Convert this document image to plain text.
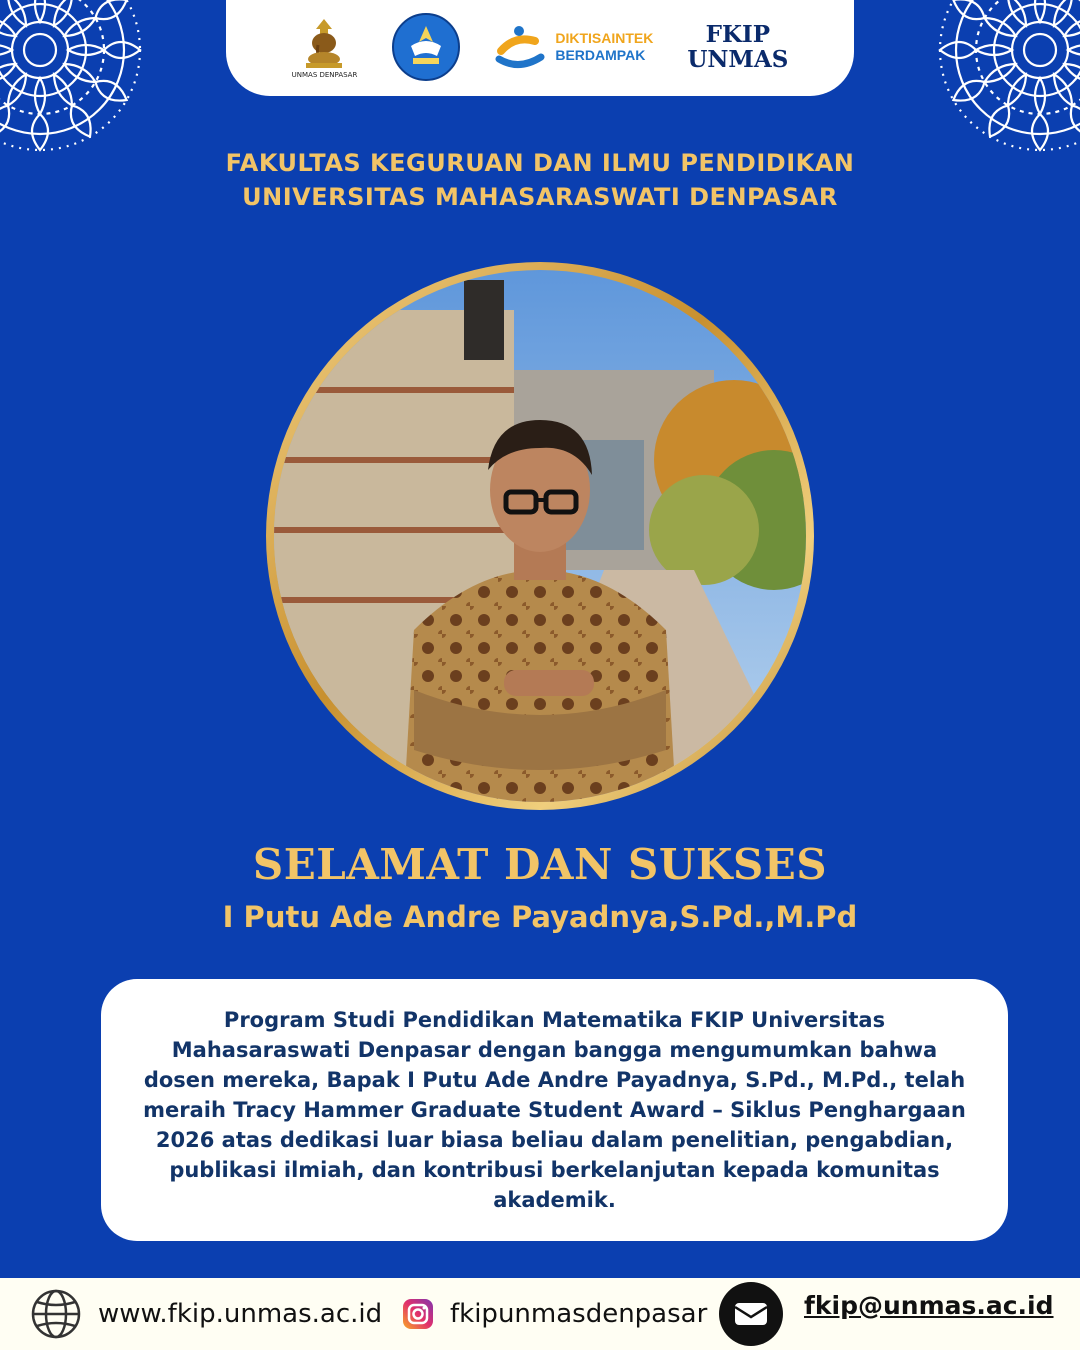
UNMAS DENPASAR
DIKTISAINTEK
BERDAMPAK
FKIP
UNMAS
FAKULTAS KEGURUAN DAN ILMU PENDIDIKAN
UNIVERSITAS MAHASARASWATI DENPASAR
SELAMAT DAN SUKSES
I Putu Ade Andre Payadnya,S.Pd.,M.Pd

Program Studi Pendidikan Matematika FKIP Universitas Mahasaraswati Denpasar dengan bangga mengumumkan bahwa dosen mereka, Bapak I Putu Ade Andre Payadnya, S.Pd., M.Pd., telah meraih Tracy Hammer Graduate Student Award – Siklus Penghargaan 2026 atas dedikasi luar biasa beliau dalam penelitian, pengabdian, publikasi ilmiah, dan kontribusi berkelanjutan kepada komunitas akademik.

www.fkip.unmas.ac.id	fkipunmasdenpasar	fkip@unmas.ac.id
